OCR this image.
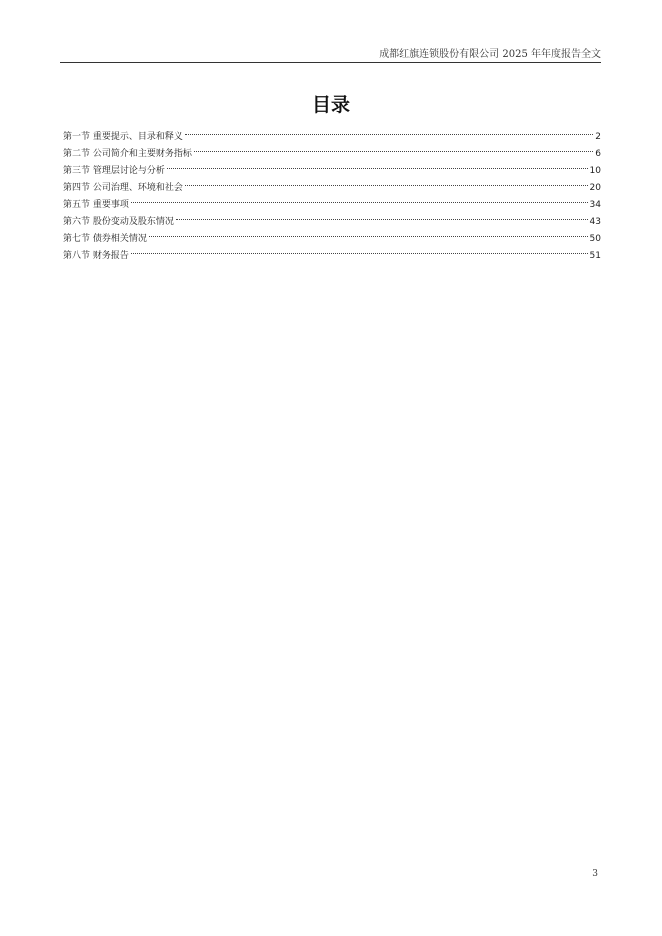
成都红旗连锁股份有限公司 2025 年年度报告全文
目录
第一节 重要提示、目录和释义	2
第二节 公司简介和主要财务指标	6
第三节 管理层讨论与分析	10
第四节 公司治理、环境和社会	20
第五节 重要事项	34
第六节 股份变动及股东情况	43
第七节 债券相关情况	50
第八节 财务报告	51
3
